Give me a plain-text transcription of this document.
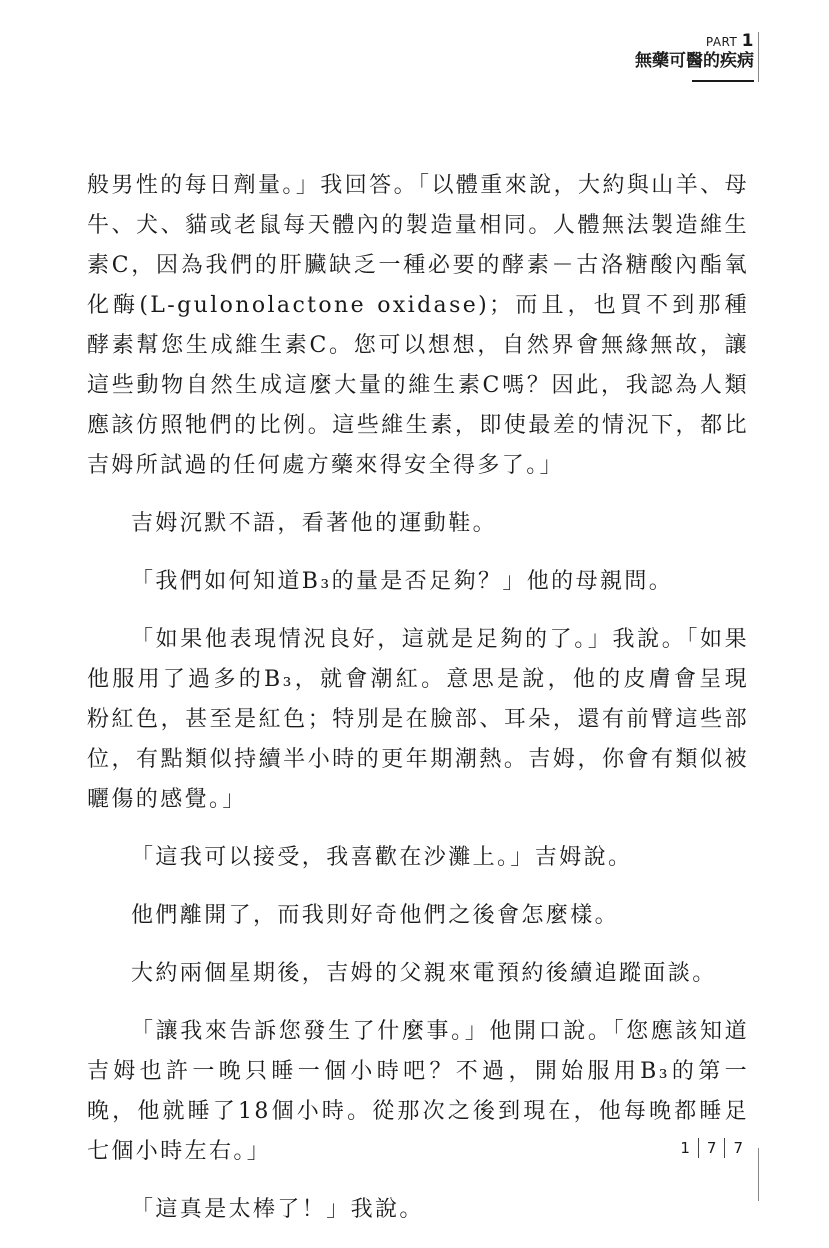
PART 1
無藥可醫的疾病

般男性的每日劑量。」我回答。「以體重來說，大約與山羊、母牛、犬、貓或老鼠每天體內的製造量相同。人體無法製造維生素C，因為我們的肝臟缺乏一種必要的酵素－古洛糖酸內酯氧化酶(L-gulonolactone oxidase)；而且，也買不到那種酵素幫您生成維生素C。您可以想想，自然界會無緣無故，讓這些動物自然生成這麼大量的維生素C嗎？因此，我認為人類應該仿照牠們的比例。這些維生素，即使最差的情況下，都比吉姆所試過的任何處方藥來得安全得多了。」

吉姆沉默不語，看著他的運動鞋。

「我們如何知道B₃的量是否足夠？」他的母親問。

「如果他表現情況良好，這就是足夠的了。」我說。「如果他服用了過多的B₃，就會潮紅。意思是說，他的皮膚會呈現粉紅色，甚至是紅色；特別是在臉部、耳朵，還有前臂這些部位，有點類似持續半小時的更年期潮熱。吉姆，你會有類似被曬傷的感覺。」

「這我可以接受，我喜歡在沙灘上。」吉姆說。

他們離開了，而我則好奇他們之後會怎麼樣。

大約兩個星期後，吉姆的父親來電預約後續追蹤面談。

「讓我來告訴您發生了什麼事。」他開口說。「您應該知道吉姆也許一晚只睡一個小時吧？不過，開始服用B₃的第一晚，他就睡了18個小時。從那次之後到現在，他每晚都睡足七個小時左右。」

「這真是太棒了！」我說。

1	7	7
